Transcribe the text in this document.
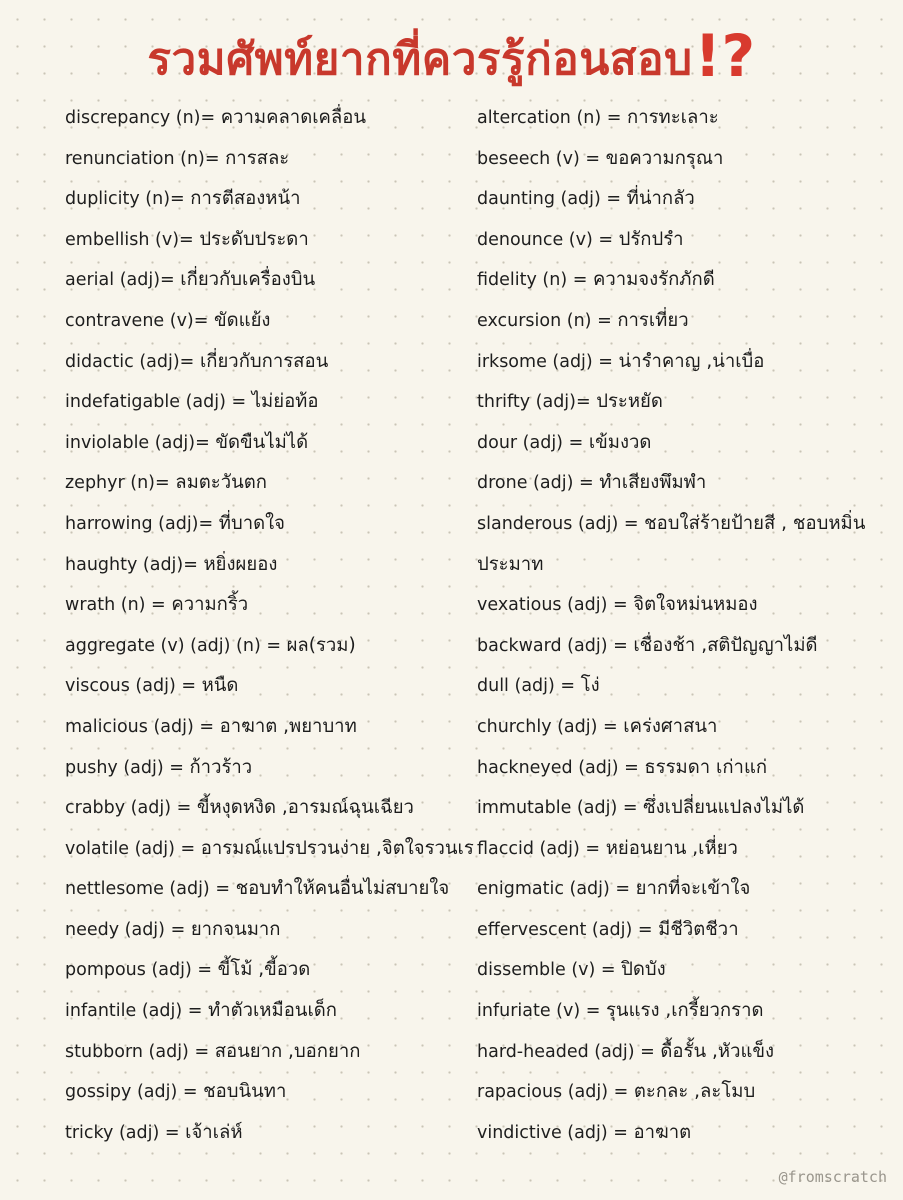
รวมศัพท์ยากที่ควรรู้ก่อนสอบ!?
discrepancy (n)= ความคลาดเคลื่อน
renunciation (n)= การสละ
duplicity (n)= การตีสองหน้า
embellish (v)= ประดับประดา
aerial (adj)= เกี่ยวกับเครื่องบิน
contravene (v)= ขัดแย้ง
didactic (adj)= เกี่ยวกับการสอน
indefatigable (adj) = ไม่ย่อท้อ
inviolable (adj)= ขัดขืนไม่ได้
zephyr (n)= ลมตะวันตก
harrowing (adj)= ที่บาดใจ
haughty (adj)= หยิ่งผยอง
wrath (n) = ความกริ้ว
aggregate (v) (adj) (n) = ผล(รวม)
viscous (adj) = หนืด
malicious (adj) = อาฆาต ,พยาบาท
pushy (adj) = ก้าวร้าว
crabby (adj) = ขี้หงุดหงิด ,อารมณ์ฉุนเฉียว
volatile (adj) = อารมณ์แปรปรวนง่าย ,จิตใจรวนเร
nettlesome (adj) = ชอบทำให้คนอื่นไม่สบายใจ
needy (adj) = ยากจนมาก
pompous (adj) = ขี้โม้ ,ขี้อวด
infantile (adj) = ทำตัวเหมือนเด็ก
stubborn (adj) = สอนยาก ,บอกยาก
gossipy (adj) = ชอบนินทา
tricky (adj) = เจ้าเล่ห์
altercation (n) = การทะเลาะ
beseech (v) = ขอความกรุณา
daunting (adj) = ที่น่ากลัว
denounce (v) = ปรักปรำ
fidelity (n) = ความจงรักภักดี
excursion (n) = การเที่ยว
irksome (adj) = น่ารำคาญ ,น่าเบื่อ
thrifty (adj)= ประหยัด
dour (adj) = เข้มงวด
drone (adj) = ทำเสียงพึมพำ
slanderous (adj) = ชอบใส่ร้ายป้ายสี , ชอบหมิ่น
ประมาท
vexatious (adj) = จิตใจหม่นหมอง
backward (adj) = เชื่องช้า ,สติปัญญาไม่ดี
dull (adj) = โง่
churchly (adj) = เคร่งศาสนา
hackneyed (adj) = ธรรมดา เก่าแก่
immutable (adj) = ซึ่งเปลี่ยนแปลงไม่ได้
flaccid (adj) = หย่อนยาน ,เหี่ยว
enigmatic (adj) = ยากที่จะเข้าใจ
effervescent (adj) = มีชีวิตชีวา
dissemble (v) = ปิดบัง
infuriate (v) = รุนแรง ,เกรี้ยวกราด
hard-headed (adj) = ดื้อรั้น ,หัวแข็ง
rapacious (adj) = ตะกละ ,ละโมบ
vindictive (adj) = อาฆาต
@fromscratch
